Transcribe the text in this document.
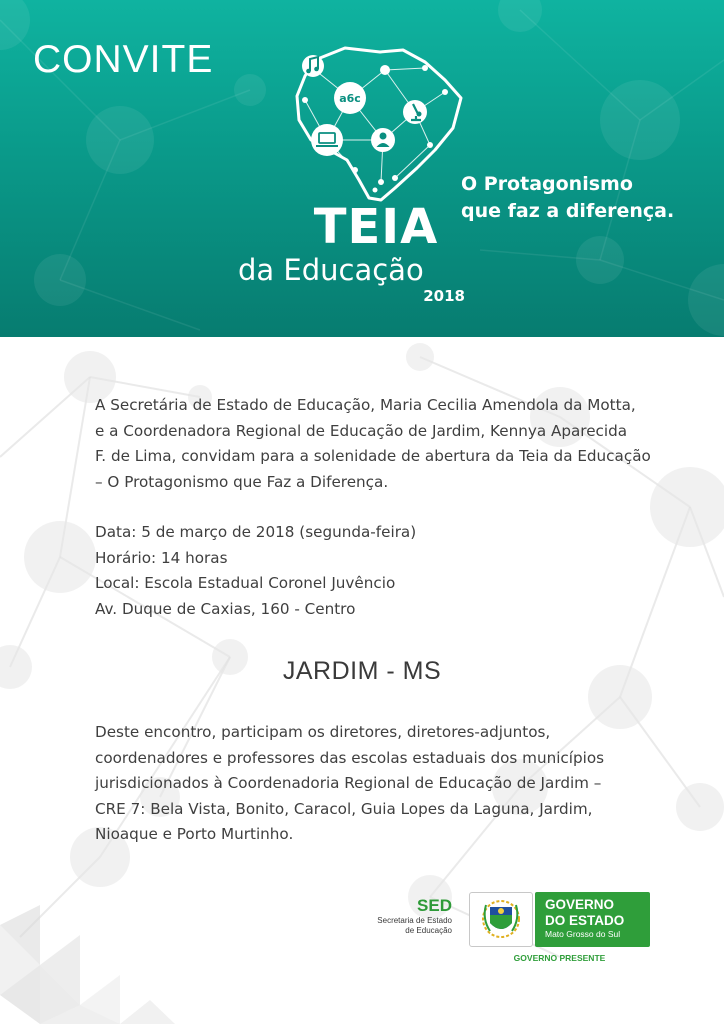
CONVITE
a6c
TEIA
da Educação
2018
O Protagonismo
que faz a diferença.
A Secretária de Estado de Educação, Maria Cecilia Amendola da Motta,
e a Coordenadora Regional de Educação de Jardim, Kennya Aparecida
F. de Lima, convidam para a solenidade de abertura da Teia da Educação
– O Protagonismo que Faz a Diferença.
Data: 5 de março de 2018 (segunda-feira)
Horário: 14 horas
Local: Escola Estadual Coronel Juvêncio
Av. Duque de Caxias, 160 - Centro
JARDIM - MS
Deste encontro, participam os diretores, diretores-adjuntos,
coordenadores e professores das escolas estaduais dos municípios
jurisdicionados à Coordenadoria Regional de Educação de Jardim –
CRE 7: Bela Vista, Bonito, Caracol, Guia Lopes da Laguna, Jardim,
Nioaque e Porto Murtinho.
SED
Secretaria de Estado
de Educação
GOVERNO
DO ESTADO
Mato Grosso do Sul
GOVERNO PRESENTE
